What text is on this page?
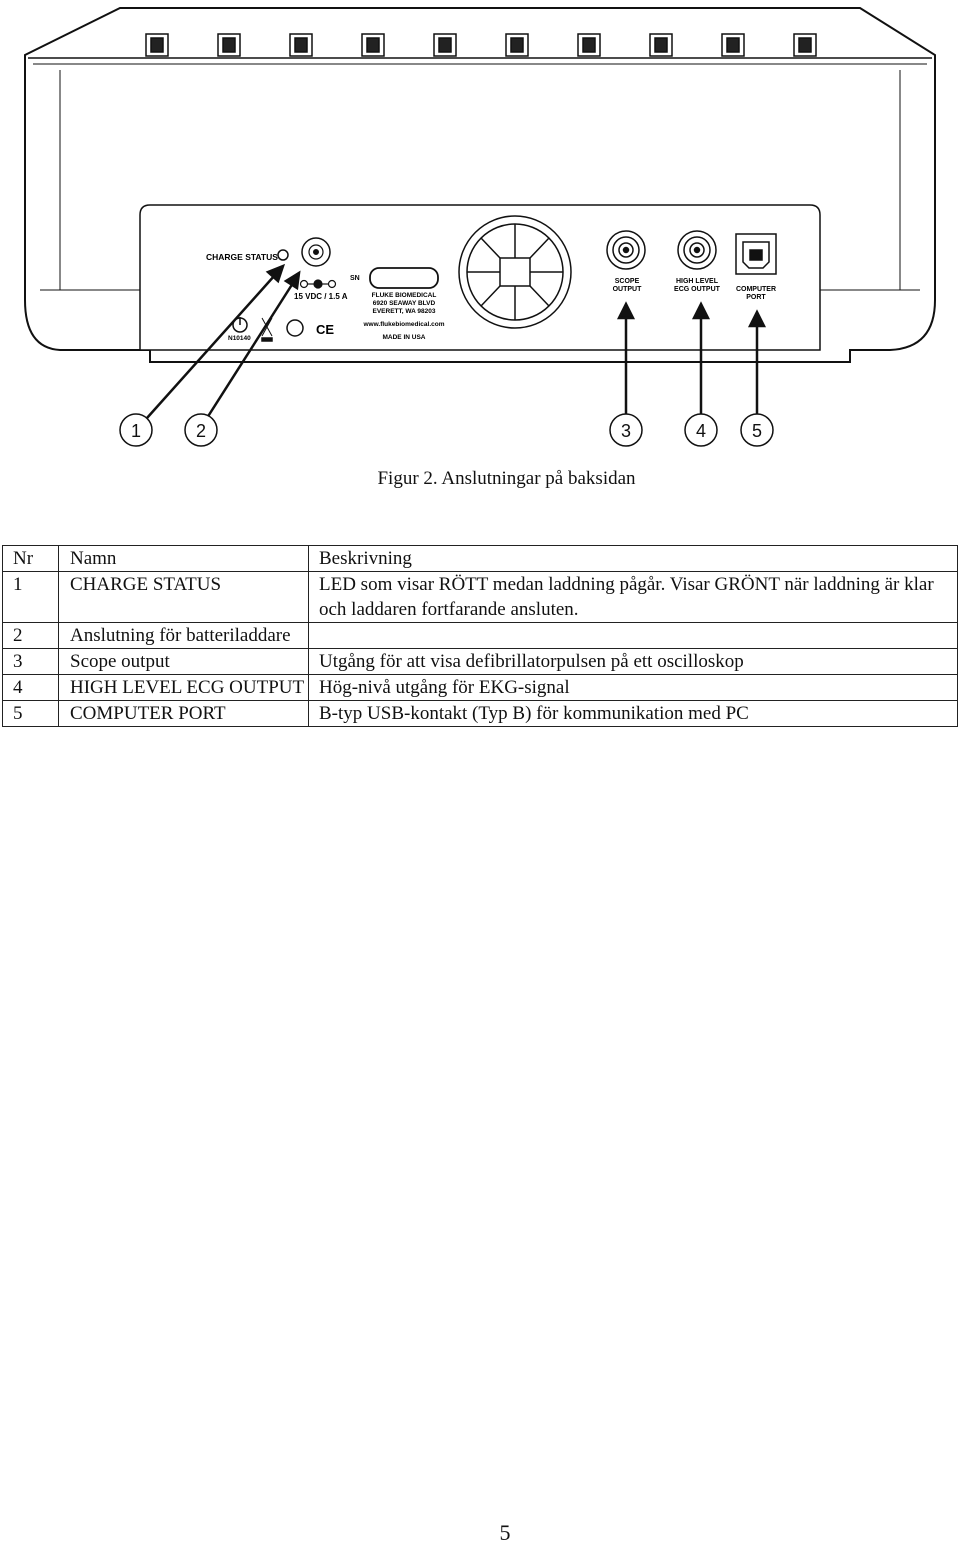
CHARGE STATUS
15 VDC / 1.5 A
N10140
CE
SN
FLUKE BIOMEDICAL
6920 SEAWAY BLVD
EVERETT, WA 98203
www.flukebiomedical.com
MADE IN USA
SCOPE
OUTPUT
HIGH LEVEL
ECG OUTPUT COMPUTER
PORT
1	2	3	4	5
Figur 2. Anslutningar på baksidan
Nr	Namn	Beskrivning
1	CHARGE STATUS	LED som visar RÖTT medan laddning pågår. Visar GRÖNT när laddning är klar och laddaren fortfarande ansluten.
2	Anslutning för batteriladdare	
3	Scope output	Utgång för att visa defibrillatorpulsen på ett oscilloskop
4	HIGH LEVEL ECG OUTPUT	Hög-nivå utgång för EKG-signal
5	COMPUTER PORT	B-typ USB-kontakt (Typ B) för kommunikation med PC
5
